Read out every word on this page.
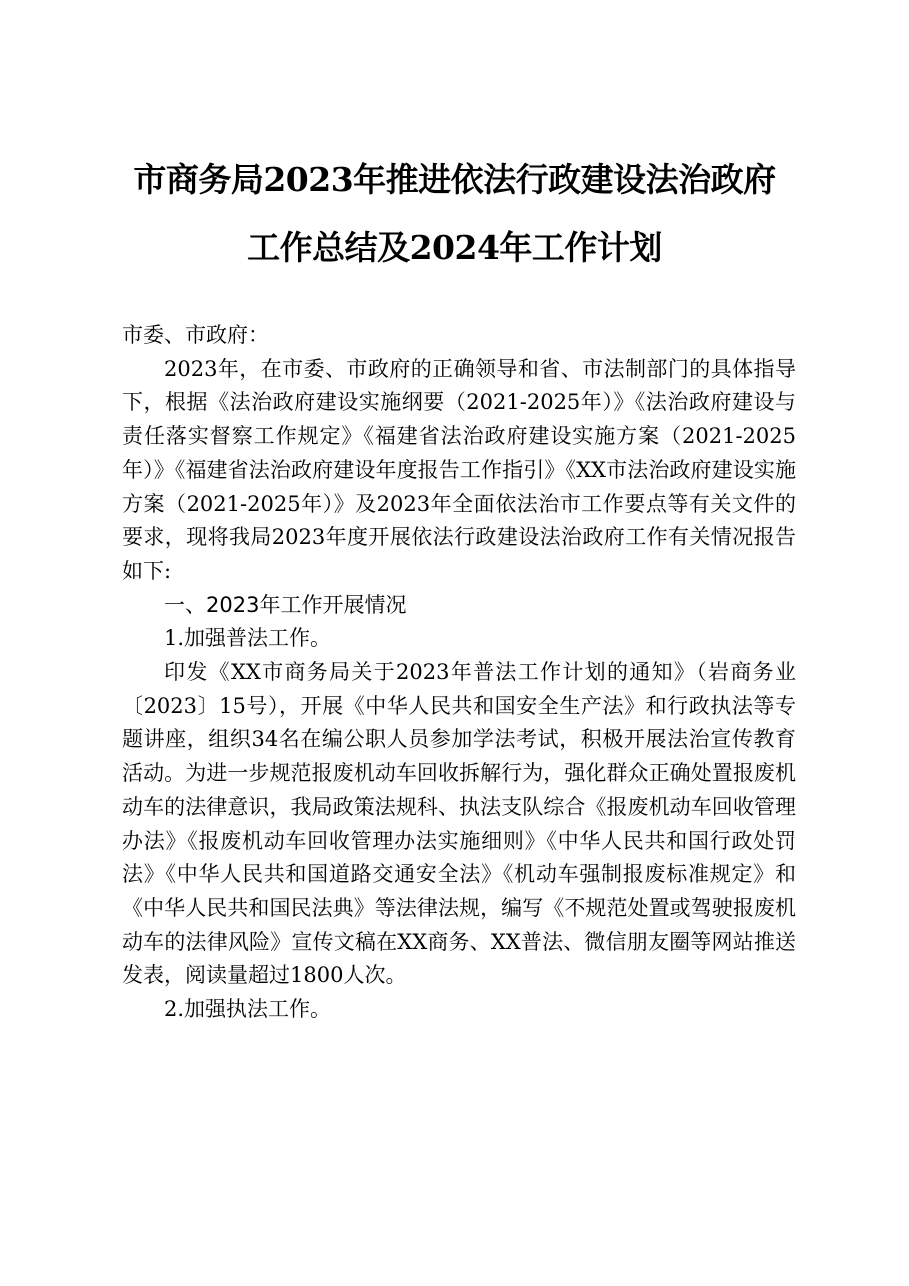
市商务局2023年推进依法行政建设法治政府
工作总结及2024年工作计划

市委、市政府：

2023年，在市委、市政府的正确领导和省、市法制部门的具体指导下，根据《法治政府建设实施纲要（2021-2025年）》《法治政府建设与责任落实督察工作规定》《福建省法治政府建设实施方案（2021-2025年）》《福建省法治政府建设年度报告工作指引》《XX市法治政府建设实施方案（2021-2025年）》及2023年全面依法治市工作要点等有关文件的要求，现将我局2023年度开展依法行政建设法治政府工作有关情况报告如下:

一、2023年工作开展情况

1.加强普法工作。

印发《XX市商务局关于2023年普法工作计划的通知》（岩商务业〔2023〕15号），开展《中华人民共和国安全生产法》和行政执法等专题讲座，组织34名在编公职人员参加学法考试，积极开展法治宣传教育活动。为进一步规范报废机动车回收拆解行为，强化群众正确处置报废机动车的法律意识，我局政策法规科、执法支队综合《报废机动车回收管理办法》《报废机动车回收管理办法实施细则》《中华人民共和国行政处罚法》《中华人民共和国道路交通安全法》《机动车强制报废标准规定》和《中华人民共和国民法典》等法律法规，编写《不规范处置或驾驶报废机动车的法律风险》宣传文稿在XX商务、XX普法、微信朋友圈等网站推送发表，阅读量超过1800人次。

2.加强执法工作。
